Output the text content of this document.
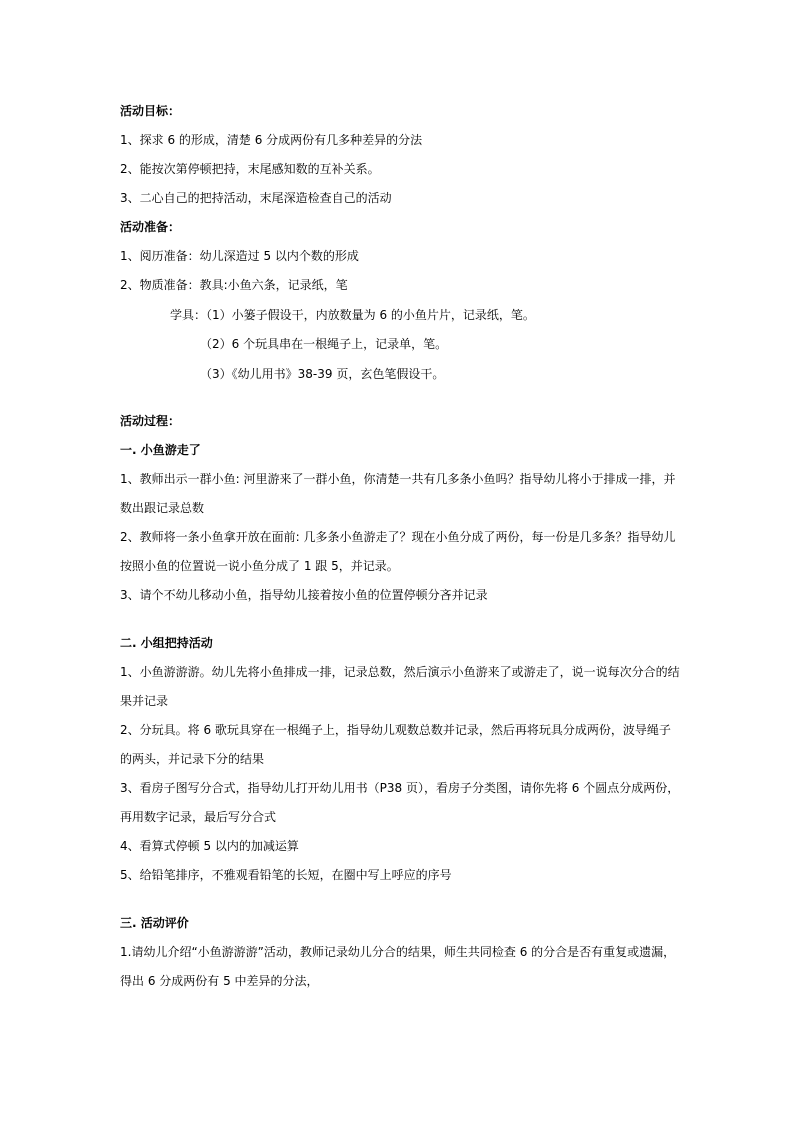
活动目标：
1、探求 6 的形成，清楚 6 分成两份有几多种差异的分法
2、能按次第停顿把持，末尾感知数的互补关系。
3、二心自己的把持活动，末尾深造检查自己的活动
活动准备：
1、阅历准备：幼儿深造过 5 以内个数的形成
2、物质准备：教具:小鱼六条，记录纸，笔
学具：（1）小篓子假设干，内放数量为 6 的小鱼片片，记录纸，笔。
（2）6 个玩具串在一根绳子上，记录单，笔。
（3）《幼儿用书》38-39 页，玄色笔假设干。
活动过程：
一. 小鱼游走了
1、教师出示一群小鱼: 河里游来了一群小鱼，你清楚一共有几多条小鱼吗？指导幼儿将小于排成一排，并
数出跟记录总数
2、教师将一条小鱼拿开放在面前: 几多条小鱼游走了？现在小鱼分成了两份，每一份是几多条？指导幼儿
按照小鱼的位置说一说小鱼分成了 1 跟 5，并记录。
3、请个不幼儿移动小鱼，指导幼儿接着按小鱼的位置停顿分吝并记录
二. 小组把持活动
1、小鱼游游游。幼儿先将小鱼排成一排，记录总数，然后演示小鱼游来了或游走了，说一说每次分合的结
果并记录
2、分玩具。将 6 歌玩具穿在一根绳子上，指导幼儿观数总数并记录，然后再将玩具分成两份，波导绳子
的两头，并记录下分的结果
3、看房子图写分合式，指导幼儿打开幼儿用书（P38 页），看房子分类图，请你先将 6 个圆点分成两份，
再用数字记录，最后写分合式
4、看算式停顿 5 以内的加减运算
5、给铅笔排序，不雅观看铅笔的长短，在圈中写上呼应的序号
三. 活动评价
1.请幼儿介绍“小鱼游游游”活动，教师记录幼儿分合的结果，师生共同检查 6 的分合是否有重复或遗漏，
得出 6 分成两份有 5 中差异的分法，
